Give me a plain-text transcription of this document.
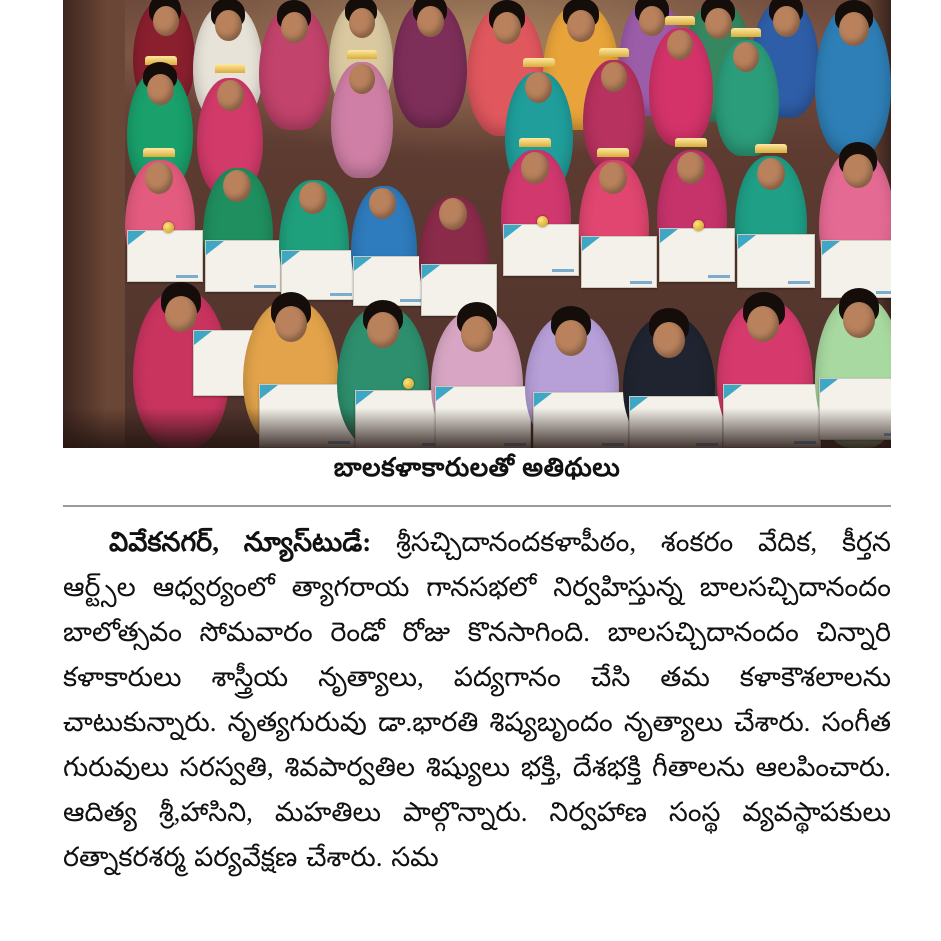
బాలకళాకారులతో అతిథులు

వివేకనగర్, న్యూస్‌టుడే: శ్రీసచ్చిదానందకళాపీఠం, శంకరం వేదిక, కీర్తన ఆర్ట్స్‌ల ఆధ్వర్యంలో త్యాగరాయ గానసభలో నిర్వహిస్తున్న బాలసచ్చిదానందం బాలోత్సవం సోమవారం రెండో రోజు కొనసాగింది. బాలసచ్చిదానందం చిన్నారి కళాకారులు శాస్త్రీయ నృత్యాలు, పద్యగానం చేసి తమ కళాకౌశలాలను చాటుకున్నారు. నృత్యగురువు డా.భారతి శిష్యబృందం నృత్యాలు చేశారు. సంగీత గురువులు సరస్వతి, శివపార్వతిల శిష్యులు భక్తి, దేశభక్తి గీతాలను ఆలపించారు. ఆదిత్య శ్రీ,హాసిని, మహతిలు పాల్గొన్నారు. నిర్వహాణ సంస్థ వ్యవస్థాపకులు రత్నాకరశర్మ పర్యవేక్షణ చేశారు. సమ
